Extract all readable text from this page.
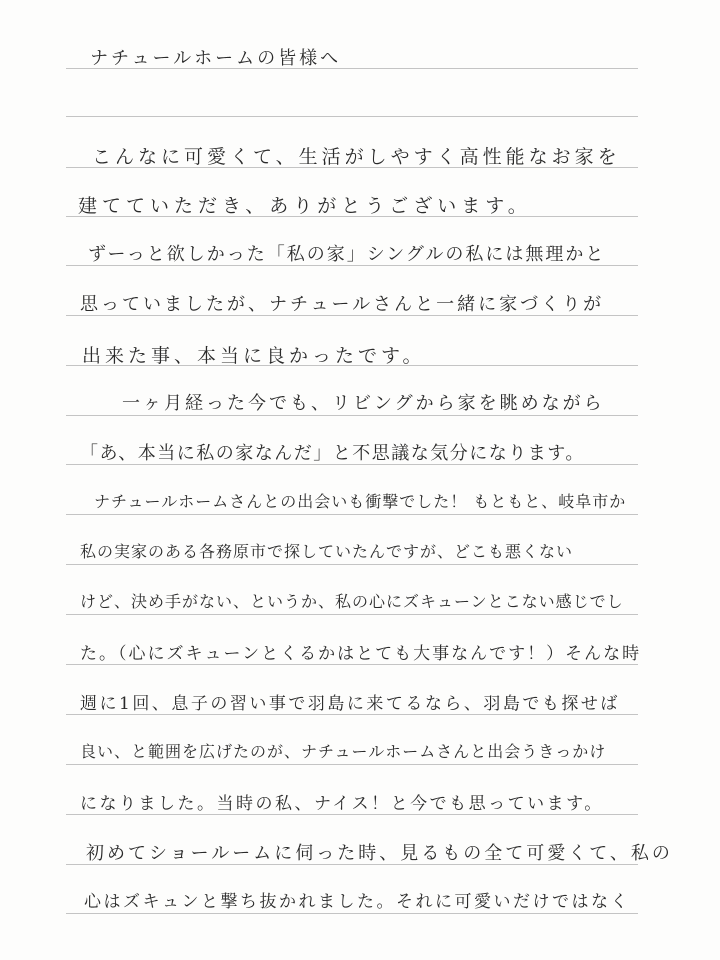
ナチュールホームの皆様へ
こんなに可愛くて、生活がしやすく高性能なお家を
建てていただき、ありがとうございます。
ずーっと欲しかった「私の家」シングルの私には無理かと
思っていましたが、ナチュールさんと一緒に家づくりが
出来た事、本当に良かったです。
一ヶ月経った今でも、リビングから家を眺めながら
「あ、本当に私の家なんだ」と不思議な気分になります。
ナチュールホームさんとの出会いも衝撃でした！ もともと、岐阜市か
私の実家のある各務原市で探していたんですが、どこも悪くない
けど、決め手がない、というか、私の心にズキューンとこない感じでし
た。（心にズキューンとくるかはとても大事なんです！）そんな時
週に1回、息子の習い事で羽島に来てるなら、羽島でも探せば
良い、と範囲を広げたのが、ナチュールホームさんと出会うきっかけ
になりました。当時の私、ナイス！と今でも思っています。
初めてショールームに伺った時、見るもの全て可愛くて、私の
心はズキュンと撃ち抜かれました。それに可愛いだけではなく
